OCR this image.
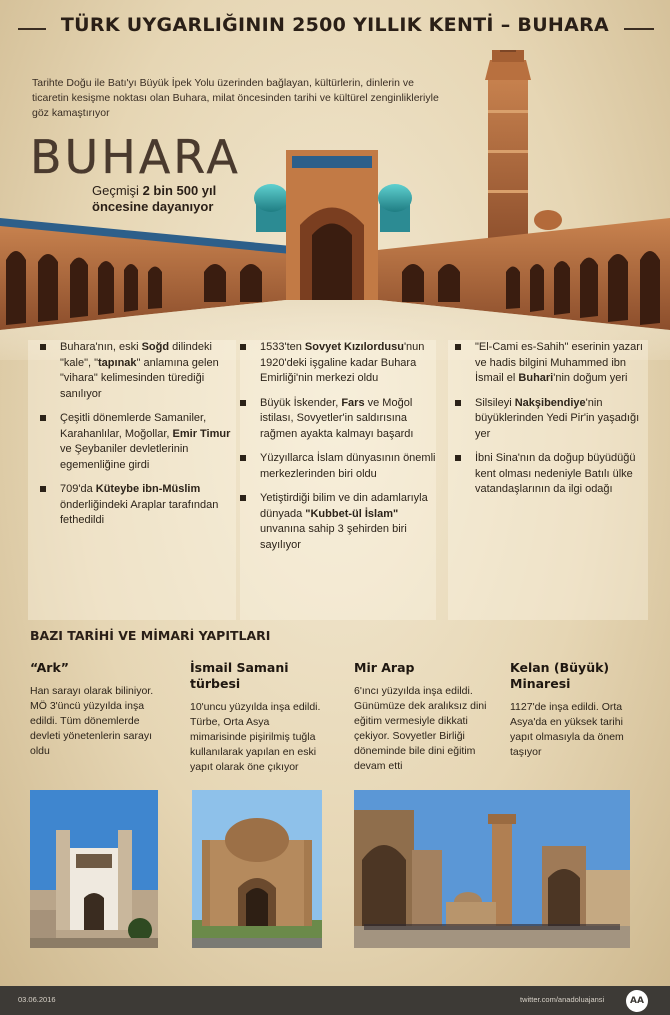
TÜRK UYGARLIĞININ 2500 YILLIK KENTİ – BUHARA
Tarihte Doğu ile Batı'yı Büyük İpek Yolu üzerinden bağlayan, kültürlerin, dinlerin ve ticaretin kesişme noktası olan Buhara, milat öncesinden tarihi ve kültürel zenginlikleriyle göz kamaştırıyor
BUHARA
Geçmişi 2 bin 500 yıl
öncesine dayanıyor
Buhara'nın, eski Soğd dilindeki "kale", "tapınak" anlamına gelen "vihara" kelimesinden türediği sanılıyor
Çeşitli dönemlerde Samaniler, Karahanlılar, Moğollar, Emir Timur ve Şeybaniler devletlerinin egemenliğine girdi
709'da Küteybe ibn-Müslim önderliğindeki Araplar tarafından fethedildi
1533'ten Sovyet Kızılordusu'nun 1920'deki işgaline kadar Buhara Emirliği'nin merkezi oldu
Büyük İskender, Fars ve Moğol istilası, Sovyetler'in saldırısına rağmen ayakta kalmayı başardı
Yüzyıllarca İslam dünyasının önemli merkezlerinden biri oldu
Yetiştirdiği bilim ve din adamlarıyla dünyada "Kubbet-ül İslam" unvanına sahip 3 şehirden biri sayılıyor
"El-Cami es-Sahih" eserinin yazarı ve hadis bilgini Muhammed ibn İsmail el Buhari'nin doğum yeri
Silsileyi Nakşibendiye'nin büyüklerinden Yedi Pir'in yaşadığı yer
İbni Sina'nın da doğup büyüdüğü kent olması nedeniyle Batılı ülke vatandaşlarının da ilgi odağı
BAZI TARİHİ VE MİMARİ YAPITLARI
“Ark”

Han sarayı olarak biliniyor. MÖ 3'üncü yüzyılda inşa edildi. Tüm dönemlerde devleti yönetenlerin sarayı oldu

İsmail Samani türbesi

10'uncu yüzyılda inşa edildi. Türbe, Orta Asya mimarisinde pişirilmiş tuğla kullanılarak yapılan en eski yapıt olarak öne çıkıyor

Mir Arap

6'ıncı yüzyılda inşa edildi. Günümüze dek aralıksız dini eğitim vermesiyle dikkati çekiyor. Sovyetler Birliği döneminde bile dini eğitim devam etti

Kelan (Büyük) Minaresi

1127'de inşa edildi. Orta Asya'da en yüksek tarihi yapıt olmasıyla da önem taşıyor

03.06.2016	twitter.com/anadoluajansi	AA
